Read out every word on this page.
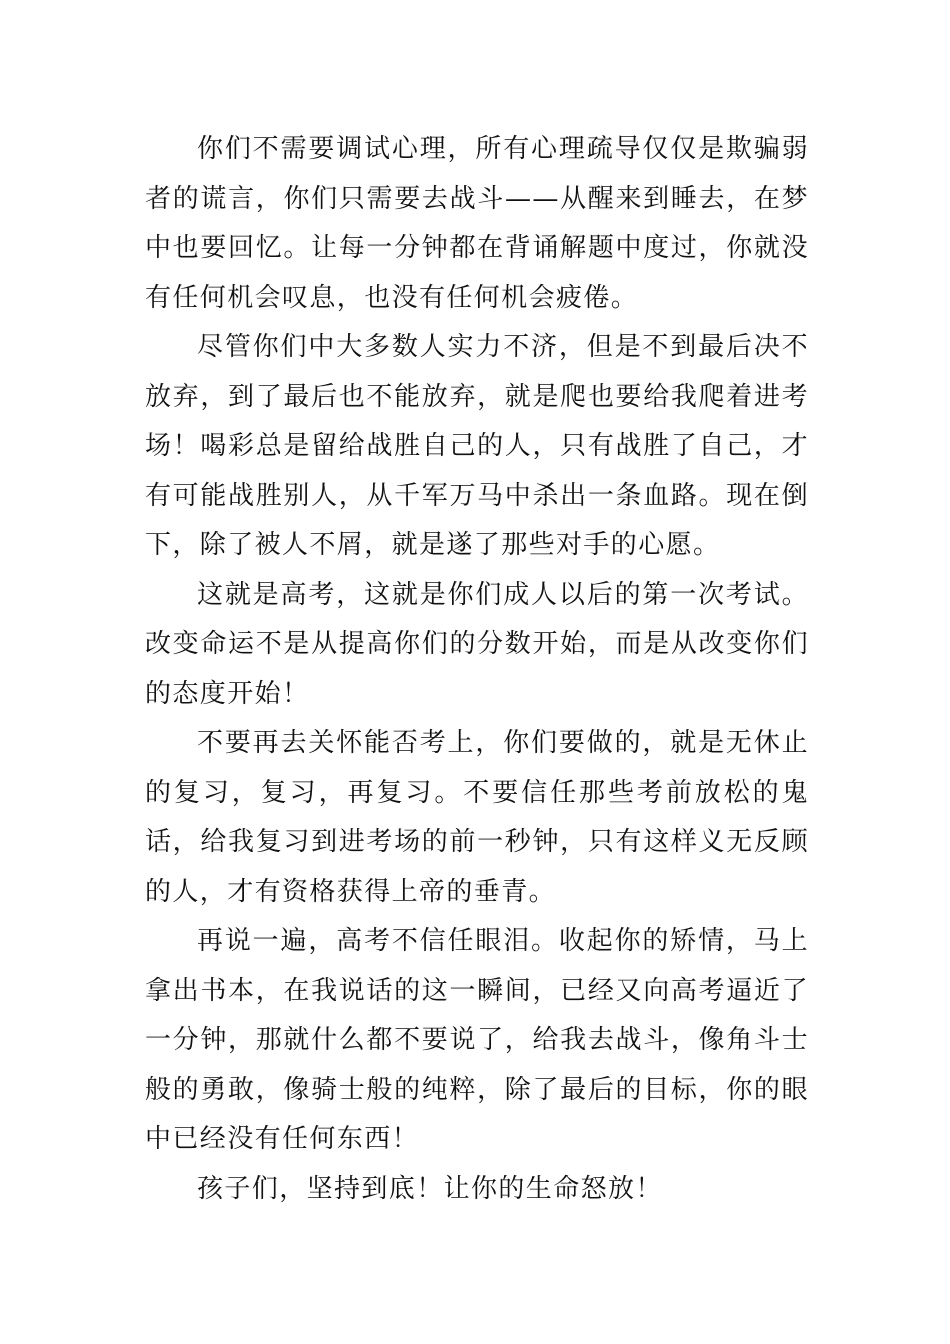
你们不需要调试心理，所有心理疏导仅仅是欺骗弱者的谎言，你们只需要去战斗——从醒来到睡去，在梦中也要回忆。让每一分钟都在背诵解题中度过，你就没有任何机会叹息，也没有任何机会疲倦。

尽管你们中大多数人实力不济，但是不到最后决不放弃，到了最后也不能放弃，就是爬也要给我爬着进考场！喝彩总是留给战胜自己的人，只有战胜了自己，才有可能战胜别人，从千军万马中杀出一条血路。现在倒下，除了被人不屑，就是遂了那些对手的心愿。

这就是高考，这就是你们成人以后的第一次考试。改变命运不是从提高你们的分数开始，而是从改变你们的态度开始！

不要再去关怀能否考上，你们要做的，就是无休止的复习，复习，再复习。不要信任那些考前放松的鬼话，给我复习到进考场的前一秒钟，只有这样义无反顾的人，才有资格获得上帝的垂青。

再说一遍，高考不信任眼泪。收起你的矫情，马上拿出书本，在我说话的这一瞬间，已经又向高考逼近了一分钟，那就什么都不要说了，给我去战斗，像角斗士般的勇敢，像骑士般的纯粹，除了最后的目标，你的眼中已经没有任何东西！

孩子们，坚持到底！让你的生命怒放！
